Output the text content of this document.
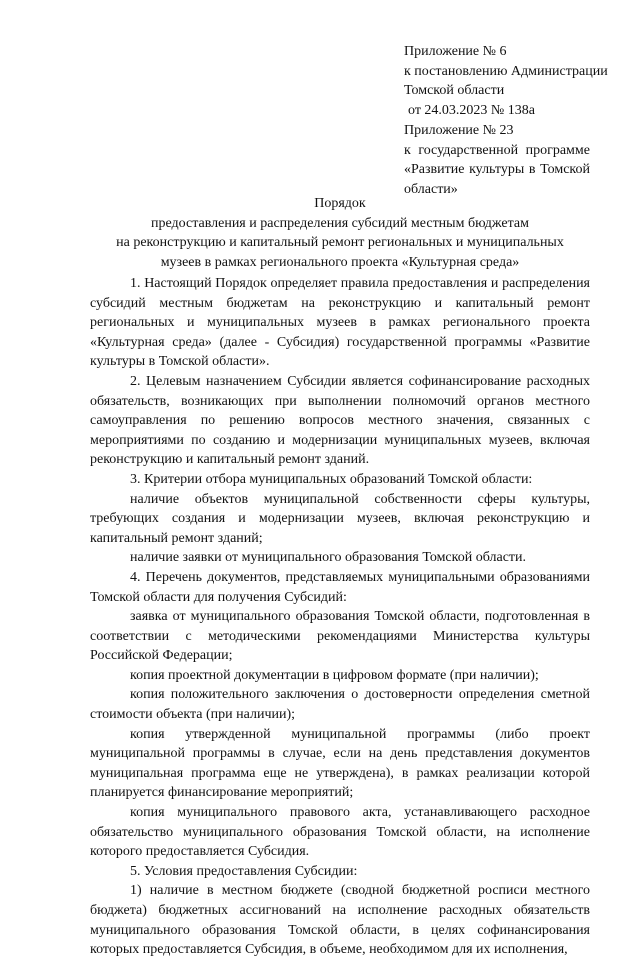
Приложение № 6
к постановлению Администрации
Томской области
от 24.03.2023 № 138а
Приложение № 23
к государственной программе
«Развитие культуры в Томской
области»
Порядок
предоставления и распределения субсидий местным бюджетам
на реконструкцию и капитальный ремонт региональных и муниципальных
музеев в рамках регионального проекта «Культурная среда»

1. Настоящий Порядок определяет правила предоставления и распределения субсидий местным бюджетам на реконструкцию и капитальный ремонт региональных и муниципальных музеев в рамках регионального проекта «Культурная среда» (далее - Субсидия) государственной программы «Развитие культуры в Томской области».

2. Целевым назначением Субсидии является софинансирование расходных обязательств, возникающих при выполнении полномочий органов местного самоуправления по решению вопросов местного значения, связанных с мероприятиями по созданию и модернизации муниципальных музеев, включая реконструкцию и капитальный ремонт зданий.

3. Критерии отбора муниципальных образований Томской области:

наличие объектов муниципальной собственности сферы культуры, требующих создания и модернизации музеев, включая реконструкцию и капитальный ремонт зданий;

наличие заявки от муниципального образования Томской области.

4. Перечень документов, представляемых муниципальными образованиями Томской области для получения Субсидий:

заявка от муниципального образования Томской области, подготовленная в соответствии с методическими рекомендациями Министерства культуры Российской Федерации;

копия проектной документации в цифровом формате (при наличии);

копия положительного заключения о достоверности определения сметной стоимости объекта (при наличии);

копия утвержденной муниципальной программы (либо проект муниципальной программы в случае, если на день представления документов муниципальная программа еще не утверждена), в рамках реализации которой планируется финансирование мероприятий;

копия муниципального правового акта, устанавливающего расходное обязательство муниципального образования Томской области, на исполнение которого предоставляется Субсидия.

5. Условия предоставления Субсидии:

1) наличие в местном бюджете (сводной бюджетной росписи местного бюджета) бюджетных ассигнований на исполнение расходных обязательств муниципального образования Томской области, в целях софинансирования которых предоставляется Субсидия, в объеме, необходимом для их исполнения,
